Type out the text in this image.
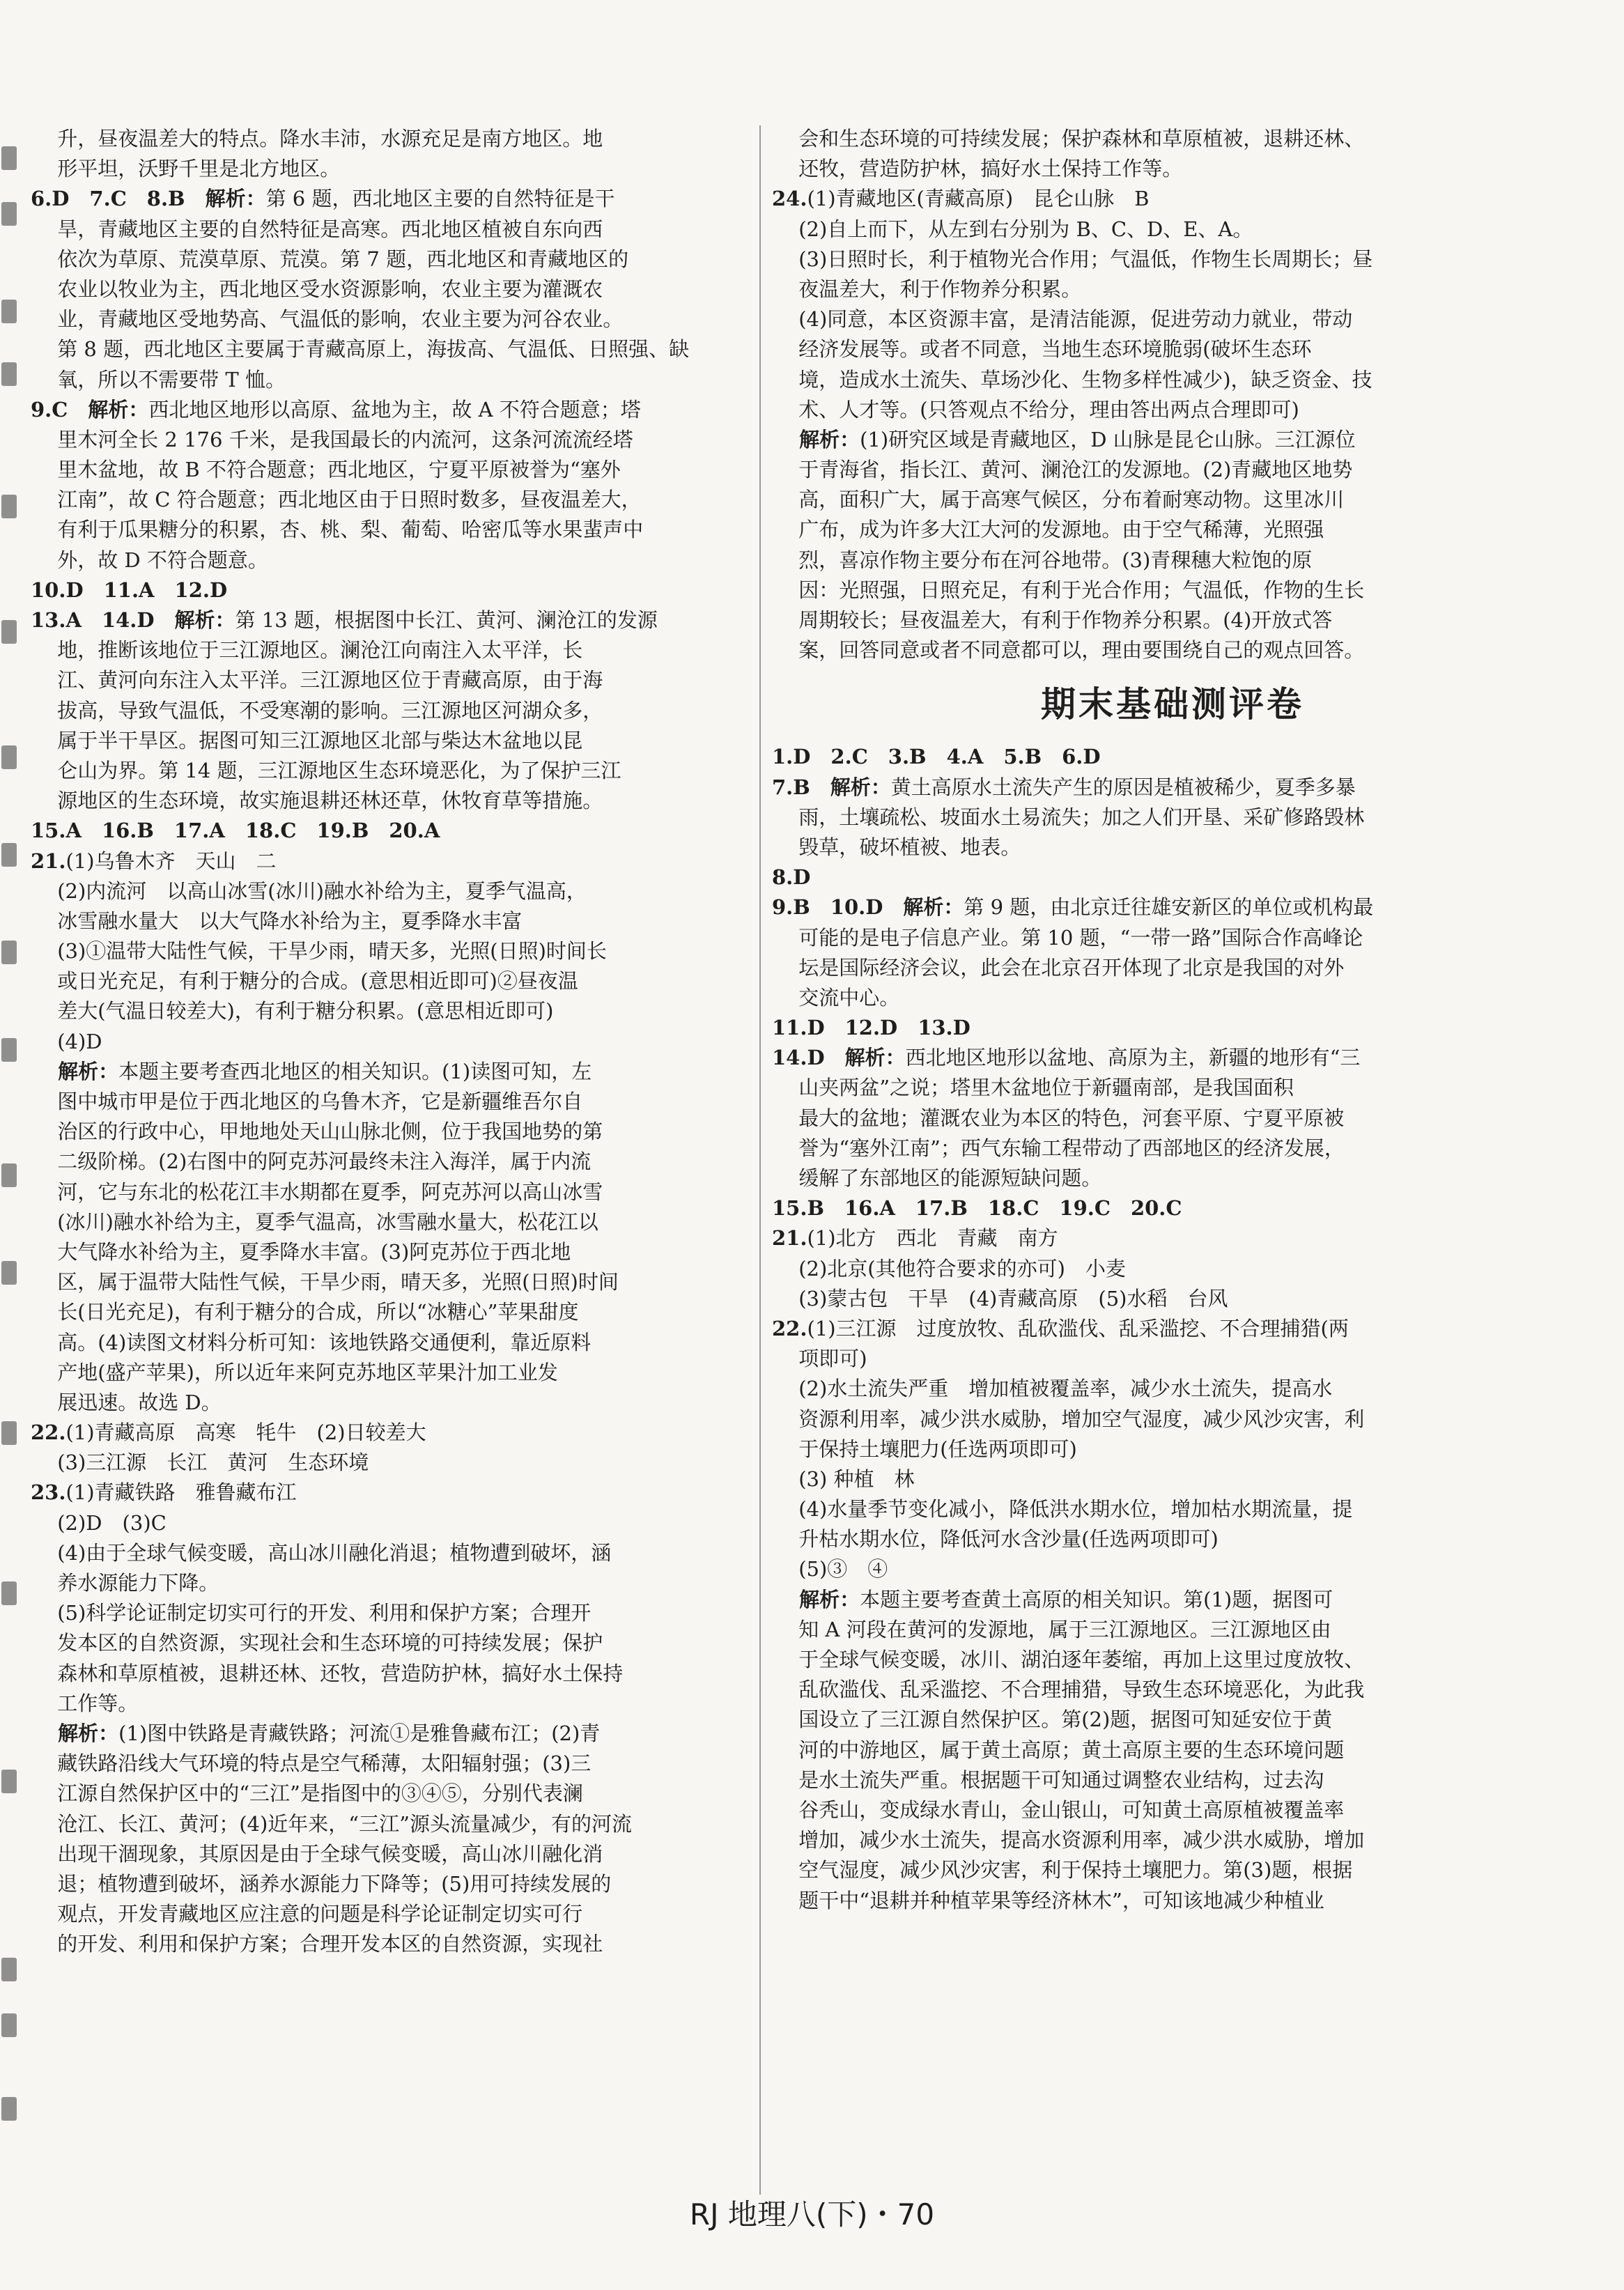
　 升，昼夜温差大的特点。降水丰沛，水源充足是南方地区。地
　 形平坦，沃野千里是北方地区。
6.D　7.C　8.B　解析：第 6 题，西北地区主要的自然特征是干
　 旱，青藏地区主要的自然特征是高寒。西北地区植被自东向西
　 依次为草原、荒漠草原、荒漠。第 7 题，西北地区和青藏地区的
　 农业以牧业为主，西北地区受水资源影响，农业主要为灌溉农
　 业，青藏地区受地势高、气温低的影响，农业主要为河谷农业。
　 第 8 题，西北地区主要属于青藏高原上，海拔高、气温低、日照强、缺
　 氧，所以不需要带 T 恤。
9.C　解析：西北地区地形以高原、盆地为主，故 A 不符合题意；塔
　 里木河全长 2 176 千米，是我国最长的内流河，这条河流流经塔
　 里木盆地，故 B 不符合题意；西北地区，宁夏平原被誉为“塞外
　 江南”，故 C 符合题意；西北地区由于日照时数多，昼夜温差大，
　 有利于瓜果糖分的积累，杏、桃、梨、葡萄、哈密瓜等水果蜚声中
　 外，故 D 不符合题意。
10.D　11.A　12.D
13.A　14.D　解析：第 13 题，根据图中长江、黄河、澜沧江的发源
　 地，推断该地位于三江源地区。澜沧江向南注入太平洋，长
　 江、黄河向东注入太平洋。三江源地区位于青藏高原，由于海
　 拔高，导致气温低，不受寒潮的影响。三江源地区河湖众多，
　 属于半干旱区。据图可知三江源地区北部与柴达木盆地以昆
　 仑山为界。第 14 题，三江源地区生态环境恶化，为了保护三江
　 源地区的生态环境，故实施退耕还林还草，休牧育草等措施。
15.A　16.B　17.A　18.C　19.B　20.A
21.(1)乌鲁木齐　天山　二
　 (2)内流河　以高山冰雪(冰川)融水补给为主，夏季气温高，
　 冰雪融水量大　以大气降水补给为主，夏季降水丰富
　 (3)①温带大陆性气候，干旱少雨，晴天多，光照(日照)时间长
　 或日光充足，有利于糖分的合成。(意思相近即可)②昼夜温
　 差大(气温日较差大)，有利于糖分积累。(意思相近即可)
　 (4)D
　 解析：本题主要考查西北地区的相关知识。(1)读图可知，左
　 图中城市甲是位于西北地区的乌鲁木齐，它是新疆维吾尔自
　 治区的行政中心，甲地地处天山山脉北侧，位于我国地势的第
　 二级阶梯。(2)右图中的阿克苏河最终未注入海洋，属于内流
　 河，它与东北的松花江丰水期都在夏季，阿克苏河以高山冰雪
　 (冰川)融水补给为主，夏季气温高，冰雪融水量大，松花江以
　 大气降水补给为主，夏季降水丰富。(3)阿克苏位于西北地
　 区，属于温带大陆性气候，干旱少雨，晴天多，光照(日照)时间
　 长(日光充足)，有利于糖分的合成，所以“冰糖心”苹果甜度
　 高。(4)读图文材料分析可知：该地铁路交通便利，靠近原料
　 产地(盛产苹果)，所以近年来阿克苏地区苹果汁加工业发
　 展迅速。故选 D。
22.(1)青藏高原　高寒　牦牛　(2)日较差大
　 (3)三江源　长江　黄河　生态环境
23.(1)青藏铁路　雅鲁藏布江
　 (2)D　(3)C
　 (4)由于全球气候变暖，高山冰川融化消退；植物遭到破坏，涵
　 养水源能力下降。
　 (5)科学论证制定切实可行的开发、利用和保护方案；合理开
　 发本区的自然资源，实现社会和生态环境的可持续发展；保护
　 森林和草原植被，退耕还林、还牧，营造防护林，搞好水土保持
　 工作等。
　 解析：(1)图中铁路是青藏铁路；河流①是雅鲁藏布江；(2)青
　 藏铁路沿线大气环境的特点是空气稀薄，太阳辐射强；(3)三
　 江源自然保护区中的“三江”是指图中的③④⑤，分别代表澜
　 沧江、长江、黄河；(4)近年来，“三江”源头流量减少，有的河流
　 出现干涸现象，其原因是由于全球气候变暖，高山冰川融化消
　 退；植物遭到破坏，涵养水源能力下降等；(5)用可持续发展的
　 观点，开发青藏地区应注意的问题是科学论证制定切实可行
　 的开发、利用和保护方案；合理开发本区的自然资源，实现社
　 会和生态环境的可持续发展；保护森林和草原植被，退耕还林、
　 还牧，营造防护林，搞好水土保持工作等。
24.(1)青藏地区(青藏高原)　昆仑山脉　B
　 (2)自上而下，从左到右分别为 B、C、D、E、A。
　 (3)日照时长，利于植物光合作用；气温低，作物生长周期长；昼
　 夜温差大，利于作物养分积累。
　 (4)同意，本区资源丰富，是清洁能源，促进劳动力就业，带动
　 经济发展等。或者不同意，当地生态环境脆弱(破坏生态环
　 境，造成水土流失、草场沙化、生物多样性减少)，缺乏资金、技
　 术、人才等。(只答观点不给分，理由答出两点合理即可)
　 解析：(1)研究区域是青藏地区，D 山脉是昆仑山脉。三江源位
　 于青海省，指长江、黄河、澜沧江的发源地。(2)青藏地区地势
　 高，面积广大，属于高寒气候区，分布着耐寒动物。这里冰川
　 广布，成为许多大江大河的发源地。由于空气稀薄，光照强
　 烈，喜凉作物主要分布在河谷地带。(3)青稞穗大粒饱的原
　 因：光照强，日照充足，有利于光合作用；气温低，作物的生长
　 周期较长；昼夜温差大，有利于作物养分积累。(4)开放式答
　 案，回答同意或者不同意都可以，理由要围绕自己的观点回答。
期末基础测评卷
1.D　2.C　3.B　4.A　5.B　6.D
7.B　解析：黄土高原水土流失产生的原因是植被稀少，夏季多暴
　 雨，土壤疏松、坡面水土易流失；加之人们开垦、采矿修路毁林
　 毁草，破坏植被、地表。
8.D
9.B　10.D　解析：第 9 题，由北京迁往雄安新区的单位或机构最
　 可能的是电子信息产业。第 10 题，“一带一路”国际合作高峰论
　 坛是国际经济会议，此会在北京召开体现了北京是我国的对外
　 交流中心。
11.D　12.D　13.D
14.D　解析：西北地区地形以盆地、高原为主，新疆的地形有“三
　 山夹两盆”之说；塔里木盆地位于新疆南部，是我国面积
　 最大的盆地；灌溉农业为本区的特色，河套平原、宁夏平原被
　 誉为“塞外江南”；西气东输工程带动了西部地区的经济发展，
　 缓解了东部地区的能源短缺问题。
15.B　16.A　17.B　18.C　19.C　20.C
21.(1)北方　西北　青藏　南方
　 (2)北京(其他符合要求的亦可)　小麦
　 (3)蒙古包　干旱　(4)青藏高原　(5)水稻　台风
22.(1)三江源　过度放牧、乱砍滥伐、乱采滥挖、不合理捕猎(两
　 项即可)
　 (2)水土流失严重　增加植被覆盖率，减少水土流失，提高水
　 资源利用率，减少洪水威胁，增加空气湿度，减少风沙灾害，利
　 于保持土壤肥力(任选两项即可)
　 (3) 种植　林
　 (4)水量季节变化减小，降低洪水期水位，增加枯水期流量，提
　 升枯水期水位，降低河水含沙量(任选两项即可)
　 (5)③　④
　 解析：本题主要考查黄土高原的相关知识。第(1)题，据图可
　 知 A 河段在黄河的发源地，属于三江源地区。三江源地区由
　 于全球气候变暖，冰川、湖泊逐年萎缩，再加上这里过度放牧、
　 乱砍滥伐、乱采滥挖、不合理捕猎，导致生态环境恶化，为此我
　 国设立了三江源自然保护区。第(2)题，据图可知延安位于黄
　 河的中游地区，属于黄土高原；黄土高原主要的生态环境问题
　 是水土流失严重。根据题干可知通过调整农业结构，过去沟
　 谷秃山，变成绿水青山，金山银山，可知黄土高原植被覆盖率
　 增加，减少水土流失，提高水资源利用率，减少洪水威胁，增加
　 空气湿度，减少风沙灾害，利于保持土壤肥力。第(3)题，根据
　 题干中“退耕并种植苹果等经济林木”，可知该地减少种植业
RJ 地理八(下)・70
